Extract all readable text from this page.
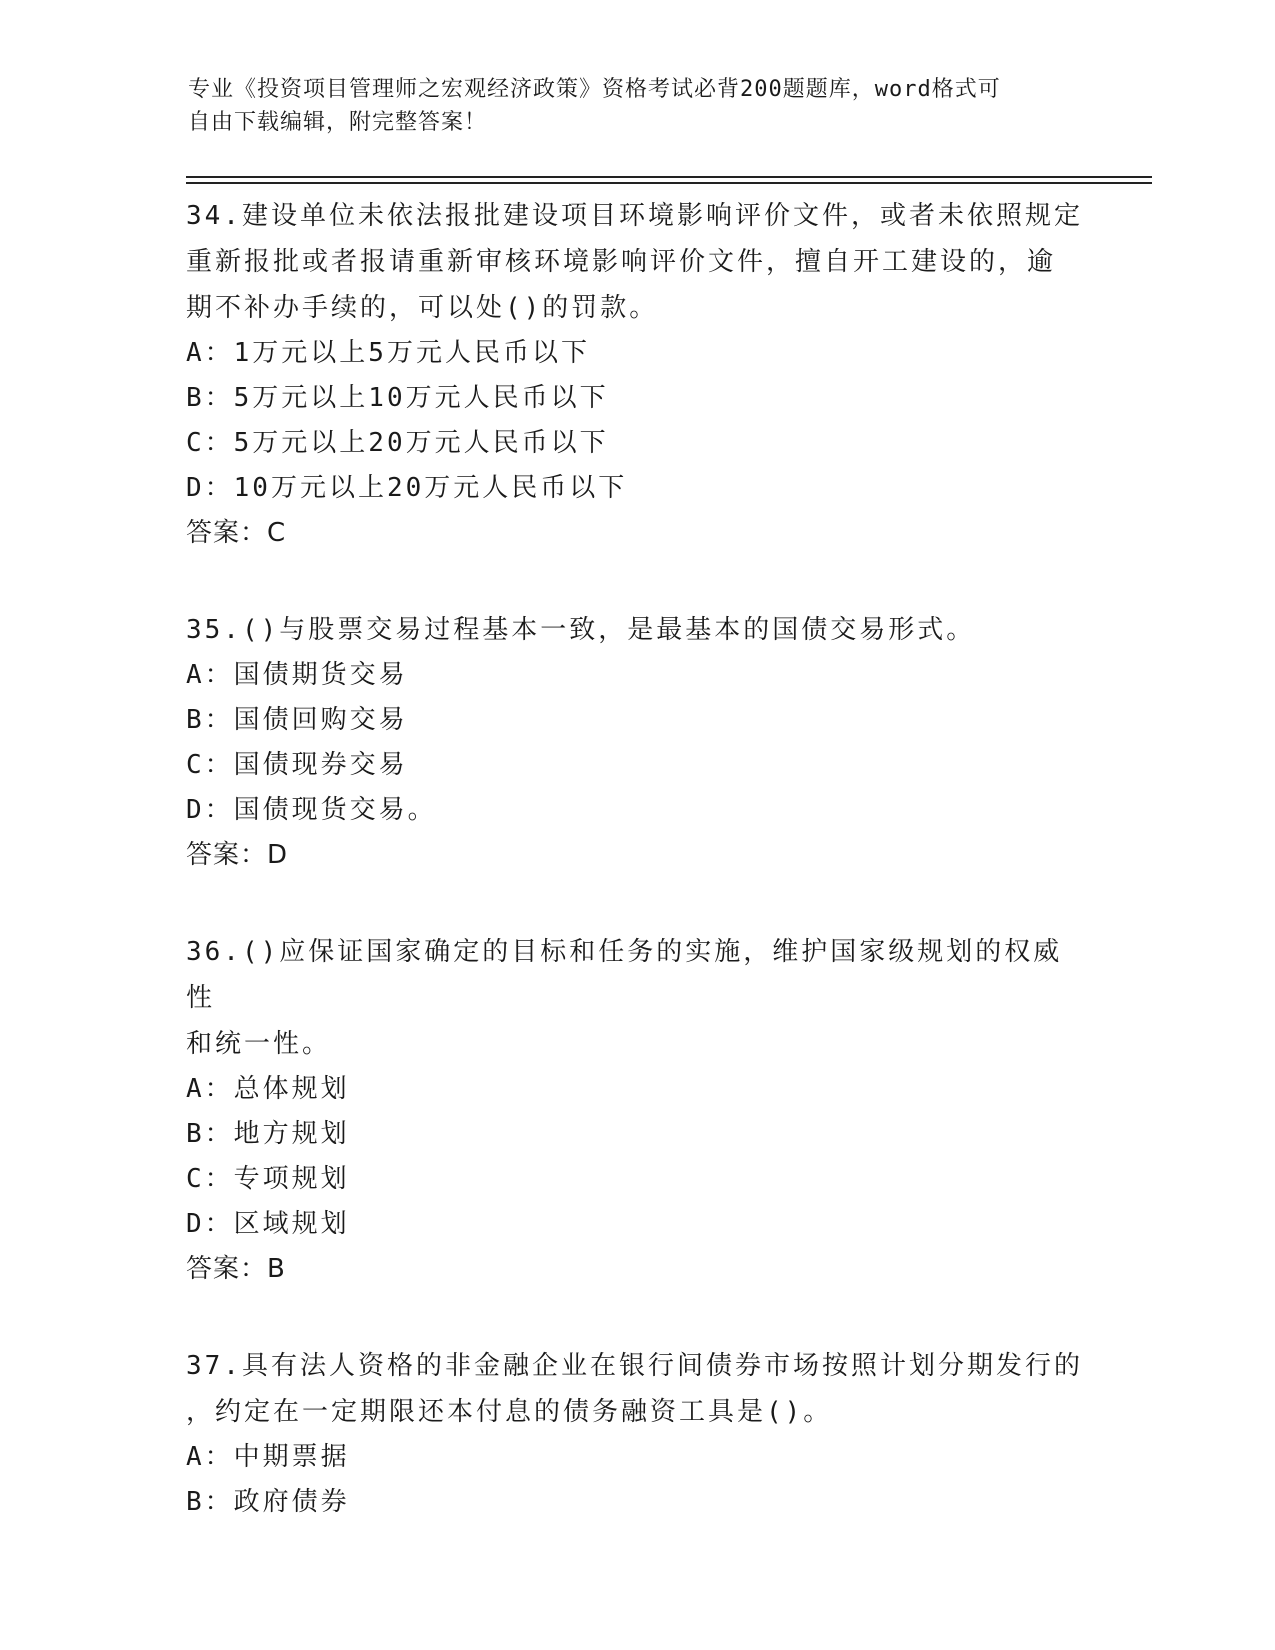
专业《投资项目管理师之宏观经济政策》资格考试必背200题题库，word格式可
自由下载编辑，附完整答案！

34.建设单位未依法报批建设项目环境影响评价文件，或者未依照规定

重新报批或者报请重新审核环境影响评价文件，擅自开工建设的，逾

期不补办手续的，可以处()的罚款。

A：1万元以上5万元人民币以下

B：5万元以上10万元人民币以下

C：5万元以上20万元人民币以下

D：10万元以上20万元人民币以下

答案：C

35.()与股票交易过程基本一致，是最基本的国债交易形式。

A：国债期货交易

B：国债回购交易

C：国债现券交易

D：国债现货交易。

答案：D

36.()应保证国家确定的目标和任务的实施，维护国家级规划的权威性

和统一性。

A：总体规划

B：地方规划

C：专项规划

D：区域规划

答案：B

37.具有法人资格的非金融企业在银行间债券市场按照计划分期发行的

，约定在一定期限还本付息的债务融资工具是()。

A：中期票据

B：政府债券
